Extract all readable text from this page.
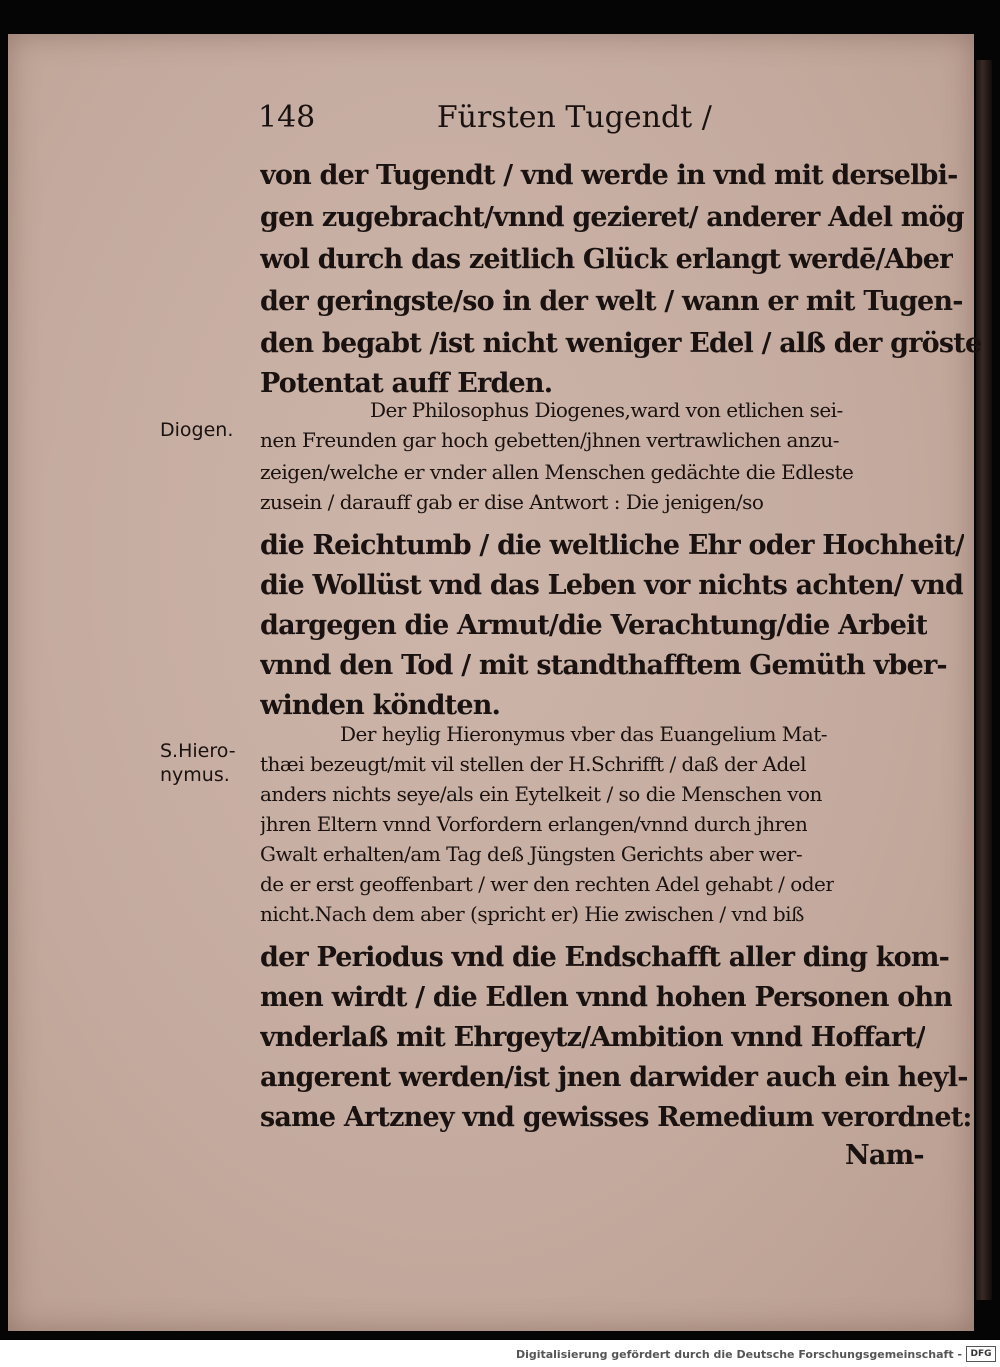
148	Fürsten Tugendt /
Diogen.
S.Hiero-
nymus.
von der Tugendt / vnd werde in vnd mit derselbi-
gen zugebracht/vnnd gezieret/ anderer Adel mög
wol durch das zeitlich Glück erlangt werdē/Aber
der geringste/so in der welt / wann er mit Tugen-
den begabt /ist nicht weniger Edel / alß der gröste
Potentat auff Erden.
Der Philosophus Diogenes,ward von etlichen sei-
nen Freunden gar hoch gebetten/jhnen vertrawlichen anzu-
zeigen/welche er vnder allen Menschen gedächte die Edleste
zusein / darauff gab er dise Antwort : Die jenigen/so
die Reichtumb / die weltliche Ehr oder Hochheit/
die Wollüst vnd das Leben vor nichts achten/ vnd
dargegen die Armut/die Verachtung/die Arbeit
vnnd den Tod / mit standthafftem Gemüth vber-
winden köndten.
Der heylig Hieronymus vber das Euangelium Mat-
thæi bezeugt/mit vil stellen der H.Schrifft / daß der Adel
anders nichts seye/als ein Eytelkeit / so die Menschen von
jhren Eltern vnnd Vorfordern erlangen/vnnd durch jhren
Gwalt erhalten/am Tag deß Jüngsten Gerichts aber wer-
de er erst geoffenbart / wer den rechten Adel gehabt / oder
nicht.Nach dem aber (spricht er) Hie zwischen / vnd biß
der Periodus vnd die Endschafft aller ding kom-
men wirdt / die Edlen vnnd hohen Personen ohn
vnderlaß mit Ehrgeytz/Ambition vnnd Hoffart/
angerent werden/ist jnen darwider auch ein heyl-
same Artzney vnd gewisses Remedium verordnet:
Nam-
Digitalisierung gefördert durch die Deutsche Forschungsgemeinschaft - DFG
